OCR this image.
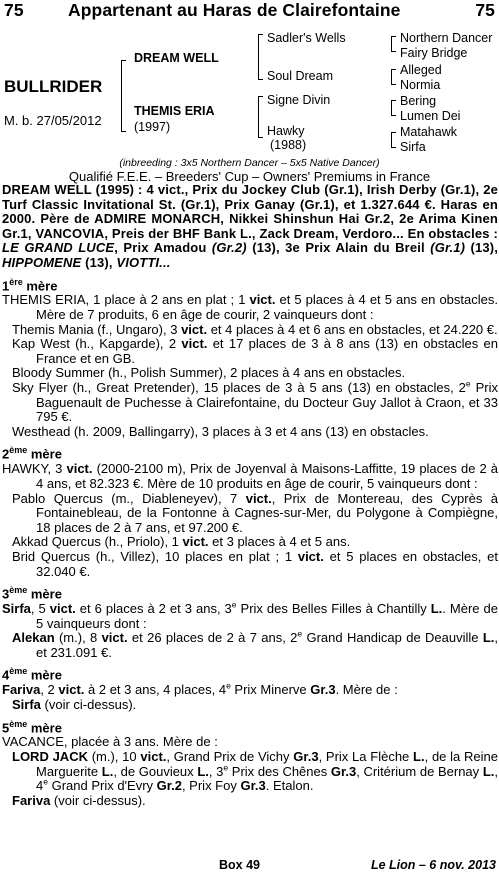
75	Appartenant au Haras de Clairefontaine	75
BULLRIDER
M. b. 27/05/2012
DREAM WELL
THEMIS ERIA
(1997)
Sadler's Wells
Soul Dream
Signe Divin
Hawky
(1988)
Northern Dancer
Fairy Bridge
Alleged
Normia
Bering
Lumen Dei
Matahawk
Sirfa
(inbreeding : 3x5 Northern Dancer – 5x5 Native Dancer)
Qualifié F.E.E. – Breeders' Cup – Owners' Premiums in France

DREAM WELL (1995) : 4 vict., Prix du Jockey Club (Gr.1), Irish Derby (Gr.1), 2e Turf Classic Invitational St. (Gr.1), Prix Ganay (Gr.1), et 1.327.644 €. Haras en 2000. Père de ADMIRE MONARCH, Nikkei Shinshun Hai Gr.2, 2e Arima Kinen Gr.1, VANCOVIA, Preis der BHF Bank L., Zack Dream, Verdoro... En obstacles : LE GRAND LUCE, Prix Amadou (Gr.2) (13), 3e Prix Alain du Breil (Gr.1) (13), HIPPOMENE (13), VIOTTI...

1ère mère

THEMIS ERIA, 1 place à 2 ans en plat ; 1 vict. et 5 places à 4 et 5 ans en obstacles. Mère de 7 produits, 6 en âge de courir, 2 vainqueurs dont :

Themis Mania (f., Ungaro), 3 vict. et 4 places à 4 et 6 ans en obstacles, et 24.220 €.

Kap West (h., Kapgarde), 2 vict. et 17 places de 3 à 8 ans (13) en obstacles en France et en GB.

Bloody Summer (h., Polish Summer), 2 places à 4 ans en obstacles.

Sky Flyer (h., Great Pretender), 15 places de 3 à 5 ans (13) en obstacles, 2e Prix Baguenault de Puchesse à Clairefontaine, du Docteur Guy Jallot à Craon, et 33 795 €.

Westhead (h. 2009, Ballingarry), 3 places à 3 et 4 ans (13) en obstacles.

2ème mère

HAWKY, 3 vict. (2000-2100 m), Prix de Joyenval à Maisons-Laffitte, 19 places de 2 à 4 ans, et 82.323 €. Mère de 10 produits en âge de courir, 5 vainqueurs dont :

Pablo Quercus (m., Diableneyev), 7 vict., Prix de Montereau, des Cyprès à Fontainebleau, de la Fontonne à Cagnes-sur-Mer, du Polygone à Compiègne, 18 places de 2 à 7 ans, et 97.200 €.

Akkad Quercus (h., Priolo), 1 vict. et 3 places à 4 et 5 ans.

Brid Quercus (h., Villez), 10 places en plat ; 1 vict. et 5 places en obstacles, et 32.040 €.

3ème mère

Sirfa, 5 vict. et 6 places à 2 et 3 ans, 3e Prix des Belles Filles à Chantilly L.. Mère de 5 vainqueurs dont :

Alekan (m.), 8 vict. et 26 places de 2 à 7 ans, 2e Grand Handicap de Deauville L., et 231.091 €.

4ème mère

Fariva, 2 vict. à 2 et 3 ans, 4 places, 4e Prix Minerve Gr.3. Mère de :

Sirfa (voir ci-dessus).

5ème mère

VACANCE, placée à 3 ans. Mère de :

LORD JACK (m.), 10 vict., Grand Prix de Vichy Gr.3, Prix La Flèche L., de la Reine Marguerite L., de Gouvieux L., 3e Prix des Chênes Gr.3, Critérium de Bernay L., 4e Grand Prix d'Evry Gr.2, Prix Foy Gr.3. Etalon.

Fariva (voir ci-dessus).

Box 49	Le Lion – 6 nov. 2013
